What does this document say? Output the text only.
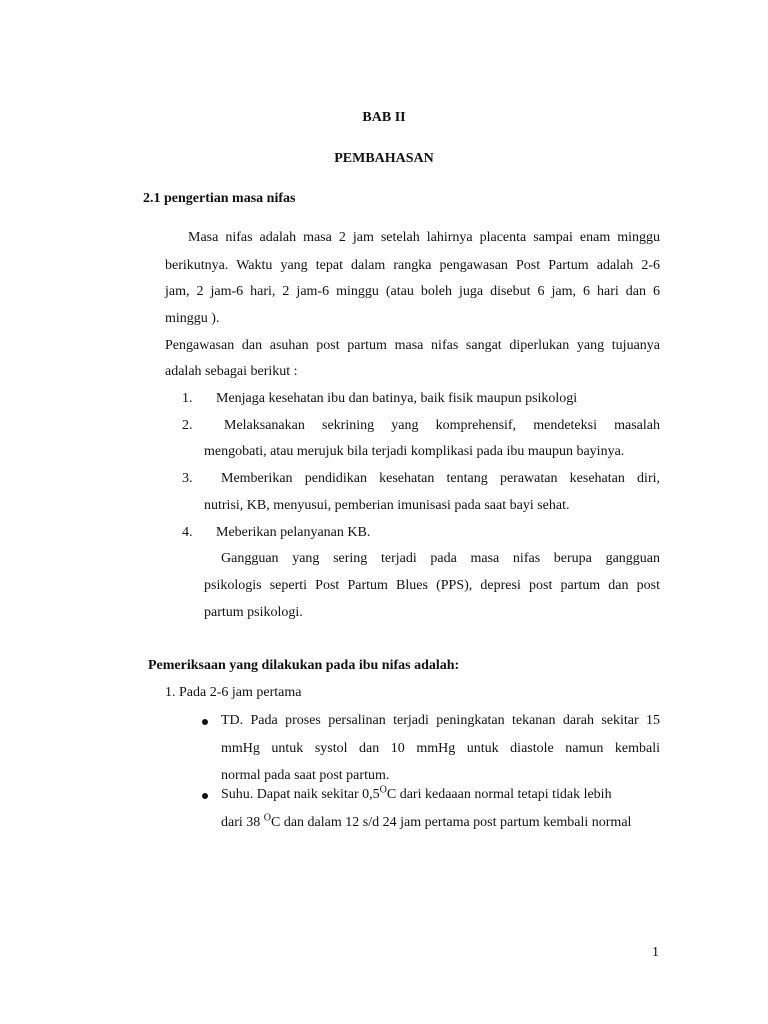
BAB II
PEMBAHASAN
2.1 pengertian masa nifas
Masa nifas adalah masa 2 jam setelah lahirnya placenta sampai enam minggu
berikutnya. Waktu yang tepat dalam rangka pengawasan Post Partum adalah 2-6
jam, 2 jam-6 hari, 2 jam-6 minggu (atau boleh juga disebut 6 jam, 6 hari dan 6
minggu ).
Pengawasan dan asuhan post partum masa nifas sangat diperlukan yang tujuanya
adalah sebagai berikut :
1. Menjaga kesehatan ibu dan batinya, baik fisik maupun psikologi
2. Melaksanakan sekrining yang komprehensif, mendeteksi masalah
mengobati, atau merujuk bila terjadi komplikasi pada ibu maupun bayinya.
3. Memberikan pendidikan kesehatan tentang perawatan kesehatan diri,
nutrisi, KB, menyusui, pemberian imunisasi pada saat bayi sehat.
4. Meberikan pelanyanan KB.
Gangguan yang sering terjadi pada masa nifas berupa gangguan
psikologis seperti Post Partum Blues (PPS), depresi post partum dan post
partum psikologi.
Pemeriksaan yang dilakukan pada ibu nifas adalah:
1. Pada 2-6 jam pertama
TD. Pada proses persalinan terjadi peningkatan tekanan darah sekitar 15
mmHg untuk systol dan 10 mmHg untuk diastole namun kembali
normal pada saat post partum.
Suhu. Dapat naik sekitar $0,5^OC$ dari kedaaan normal tetapi tidak lebih
dari 38 $^O$C dan dalam 12 s/d 24 jam pertama post partum kembali normal
1
